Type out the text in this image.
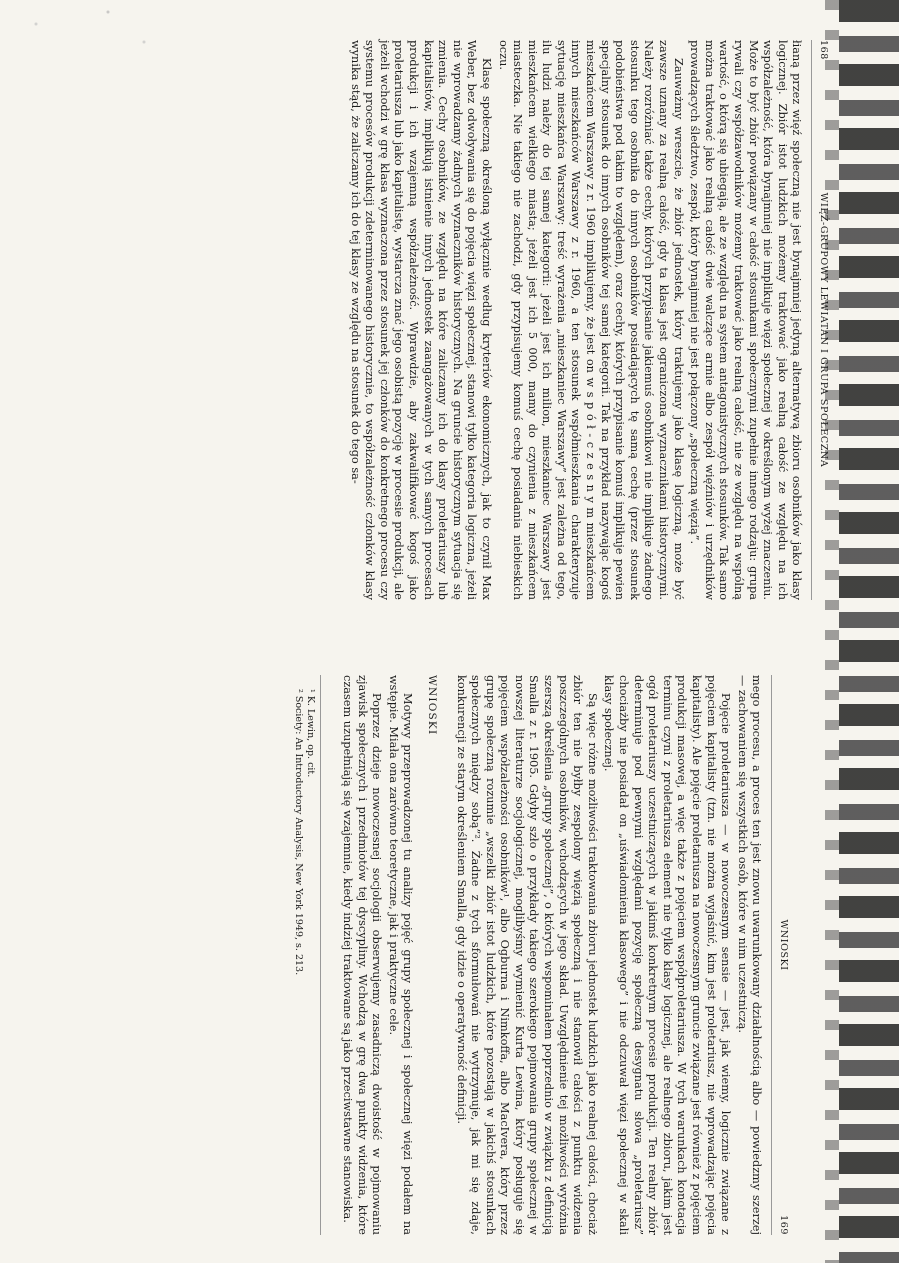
168
WIĘŹ-GRUPOWY LEWIATAN I GRUPA SPOŁECZNA

łianą przez więź społeczną nie jest bynajmniej jedyną alternatywą zbioru osobników jako klasy logicznej. Zbiór istot ludzkich możemy traktować jako realną całość ze względu na ich współzależność, która bynajmniej nie implikuje więzi społecznej w określonym wyżej znaczeniu. Może to być zbiór powiązany w całość stosunkami społecznymi zupełnie innego rodzaju: grupa rywali czy współzawodników możemy traktować jako realną całość, nie ze względu na wspólną wartość, o którą się ubiegają, ale ze względu na system antagonistycznych stosunków. Tak samo można traktować jako realną całość dwie walczące armie albo zespół więźniów i urzędników prowadzących śledztwo, zespół, który bynajmniej nie jest połączony „społeczną więzią”.

Zauważmy wreszcie, że zbiór jednostek, który traktujemy jako klasę logiczną, może być zawsze uznany za realną całość, gdy ta klasa jest ograniczona wyznacznikami historycznymi. Należy rozróżniać także cechy, których przypisanie jakiemuś osobnikowi nie implikuje żadnego stosunku tego osobnika do innych osobników posiadających tę samą cechę (przez stosunek podobieństwa pod takim to względem), oraz cechy, których przypisanie komuś implikuje pewien specjalny stosunek do innych osobników tej samej kategorii. Tak na przykład nazywając kogoś mieszkańcem Warszawy z r. 1960 implikujemy, że jest on w s p ó ł - c z e s n y m mieszkańcem innych mieszkańców Warszawy z r. 1960, a ten stosunek współmieszkania charakteryzuje sytuację mieszkańca Warszawy: treść wyrażenia „mieszkaniec Warszawy” jest zależna od tego, ilu ludzi należy do tej samej kategorii: jeżeli jest ich milion, mieszkaniec Warszawy jest mieszkańcem wielkiego miasta; jeżeli jest ich 5 000, mamy do czynienia z mieszkańcem miasteczka. Nie takiego nie zachodzi, gdy przypisujemy komuś cechę posiadania niebieskich oczu.

Klasę społeczną określoną wyłącznie według kryteriów ekonomicznych, jak to czynił Max Weber, bez odwoływania się do pojęcia więzi społecznej, stanowi tylko kategoria logiczna, jeżeli nie wprowadzamy żadnych wyznaczników historycznych. Na gruncie historycznym sytuacja się zmienia. Cechy osobników, ze względu na które zaliczamy ich do klasy proletariuszy lub kapitalistów, implikują istnienie innych jednostek zaangażowanych w tych samych procesach produkcji i ich wzajemną współzależność. Wprawdzie, aby zakwalifikować kogoś jako proletariusza lub jako kapitalistę, wystarcza znać jego osobistą pozycję w procesie produkcji, ale jeżeli wchodzi w grę klasa wyznaczona przez stosunek jej członków do konkretnego procesu czy systemu procesów produkcji zdeterminowanego historycznie, to współzależność członków klasy wynika stąd, że zaliczamy ich do tej klasy ze względu na stosunek do tego sa-

WNIOSKI
169

mego procesu, a proces ten jest znowu uwarunkowany działalnością albo — powiedzmy szerzej — zachowaniem się wszystkich osób, które w nim uczestniczą.

Pojęcie proletariusza — w nowoczesnym sensie — jest, jak wiemy, logicznie związane z pojęciem kapitalisty (tzn. nie można wyjaśnić, kim jest proletariusz, nie wprowadzając pojęcia kapitalisty). Ale pojęcie proletariusza na nowoczesnym gruncie związane jest również z pojęciem produkcji masowej, a więc także z pojęciem współproletariusza. W tych warunkach konotacja terminu czyni z proletariusza element nie tylko klasy logicznej, ale realnego zbioru, jakim jest ogół proletariuszy uczestniczących w jakimś konkretnym procesie produkcji. Ten realny zbiór determinuje pod pewnymi względami pozycję społeczną desygnatu słowa „proletariusz” chociażby nie posiadał on „uświadomienia klasowego” i nie odczuwał więzi społecznej w skali klasy społecznej.

Są więc różne możliwości traktowania zbioru jednostek ludzkich jako realnej całości, chociaż zbiór ten nie byłby zespolony więzią społeczną i nie stanowił całości z punktu widzenia poszczególnych osobników, wchodzących w jego skład. Uwzględnienie tej możliwości wyróżnia szerszą określenia „grupy społecznej”, o których wspominałem poprzednio w związku z definicją Smalla z r. 1905. Gdyby szło o przykłady takiego szerokiego pojmowania grupy społecznej w nowszej literaturze socjologicznej, moglibyśmy wymienić Kurta Lewina, który posługuje się pojęciem współzależności osobników¹, albo Ogburna i Nimkoffa, albo MacIvera, który przez grupę społeczną rozumie „wszelki zbiór istot ludzkich, które pozostają w jakichś stosunkach społecznych między sobą”². Żadne z tych sformułowań nie wytrzymuje, jak mi się zdaje, konkurencji ze starym określeniem Smalla, gdy idzie o operatywność definicji.

WNIOSKI

Motywy przeprowadzonej tu analizy pojęć grupy społecznej i społecznej więzi podałem na wstępie. Miała ona zarówno teoretyczne, jak i praktyczne cele.

Poprzez dzieje nowoczesnej socjologii obserwujemy zasadniczą dwoistość w pojmowaniu zjawisk społecznych i przedmiotów tej dyscypliny. Wchodzą w grę dwa punkty widzenia, które czasem uzupełniają się wzajemnie, kiedy indziej traktowane są jako przeciwstawne stanowiska.

¹ K. Lewin, op. cit.
² Society: An Introductory Analysis, New York 1949, s. 213.
